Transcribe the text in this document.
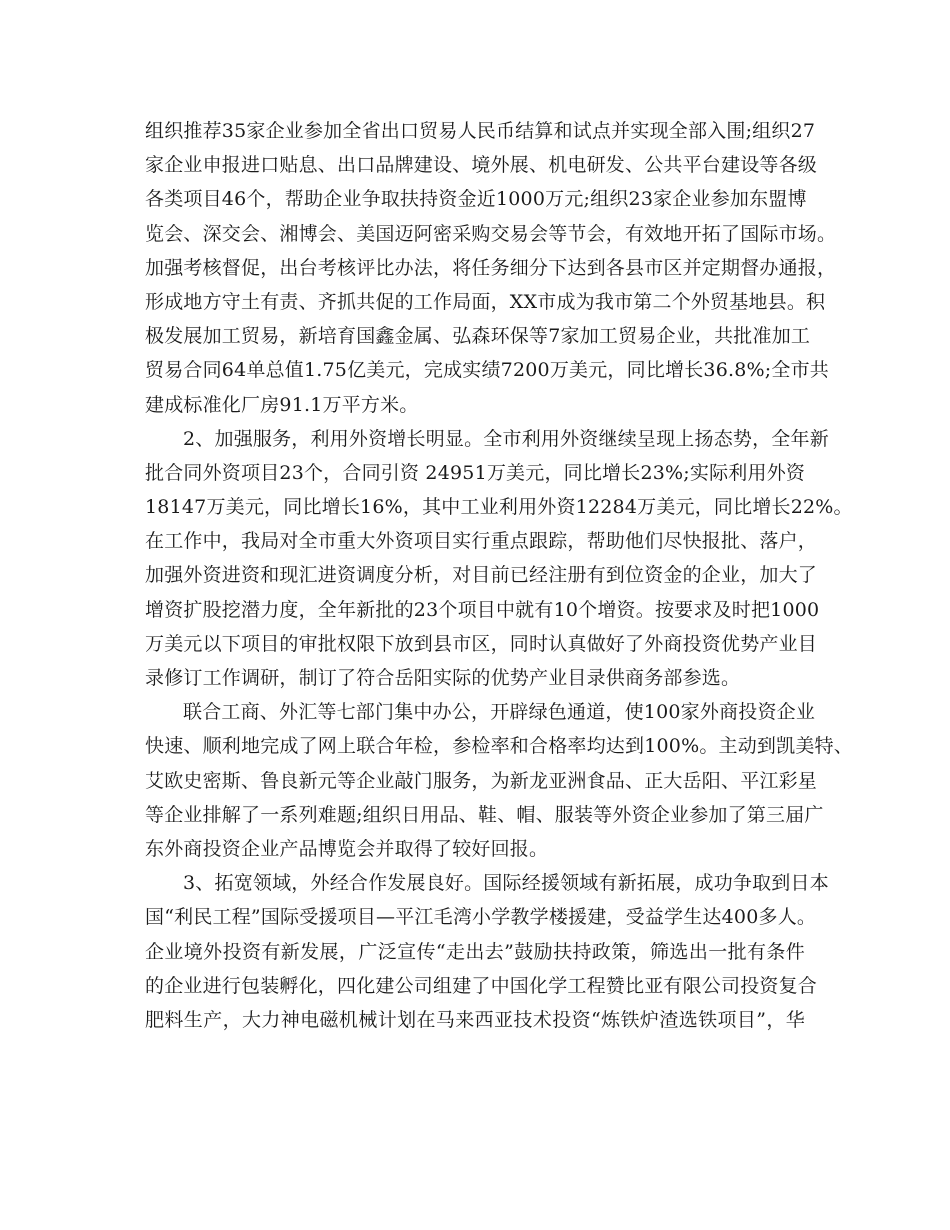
组织推荐35家企业参加全省出口贸易人民币结算和试点并实现全部入围;组织27
家企业申报进口贴息、出口品牌建设、境外展、机电研发、公共平台建设等各级
各类项目46个，帮助企业争取扶持资金近1000万元;组织23家企业参加东盟博
览会、深交会、湘博会、美国迈阿密采购交易会等节会，有效地开拓了国际市场。
加强考核督促，出台考核评比办法，将任务细分下达到各县市区并定期督办通报，
形成地方守土有责、齐抓共促的工作局面，XX市成为我市第二个外贸基地县。积
极发展加工贸易，新培育国鑫金属、弘森环保等7家加工贸易企业，共批准加工
贸易合同64单总值1.75亿美元，完成实绩7200万美元，同比增长36.8%;全市共
建成标准化厂房91.1万平方米。
2、加强服务，利用外资增长明显。全市利用外资继续呈现上扬态势，全年新
批合同外资项目23个，合同引资 24951万美元，同比增长23%;实际利用外资
18147万美元，同比增长16%，其中工业利用外资12284万美元，同比增长22%。
在工作中，我局对全市重大外资项目实行重点跟踪，帮助他们尽快报批、落户，
加强外资进资和现汇进资调度分析，对目前已经注册有到位资金的企业，加大了
增资扩股挖潜力度，全年新批的23个项目中就有10个增资。按要求及时把1000
万美元以下项目的审批权限下放到县市区，同时认真做好了外商投资优势产业目
录修订工作调研，制订了符合岳阳实际的优势产业目录供商务部参选。
联合工商、外汇等七部门集中办公，开辟绿色通道，使100家外商投资企业
快速、顺利地完成了网上联合年检，参检率和合格率均达到100%。主动到凯美特、
艾欧史密斯、鲁良新元等企业敲门服务，为新龙亚洲食品、正大岳阳、平江彩星
等企业排解了一系列难题;组织日用品、鞋、帽、服装等外资企业参加了第三届广
东外商投资企业产品博览会并取得了较好回报。
3、拓宽领域，外经合作发展良好。国际经援领域有新拓展，成功争取到日本
国“利民工程”国际受援项目—平江毛湾小学教学楼援建，受益学生达400多人。
企业境外投资有新发展，广泛宣传“走出去”鼓励扶持政策，筛选出一批有条件
的企业进行包装孵化，四化建公司组建了中国化学工程赞比亚有限公司投资复合
肥料生产，大力神电磁机械计划在马来西亚技术投资“炼铁炉渣选铁项目”，华
